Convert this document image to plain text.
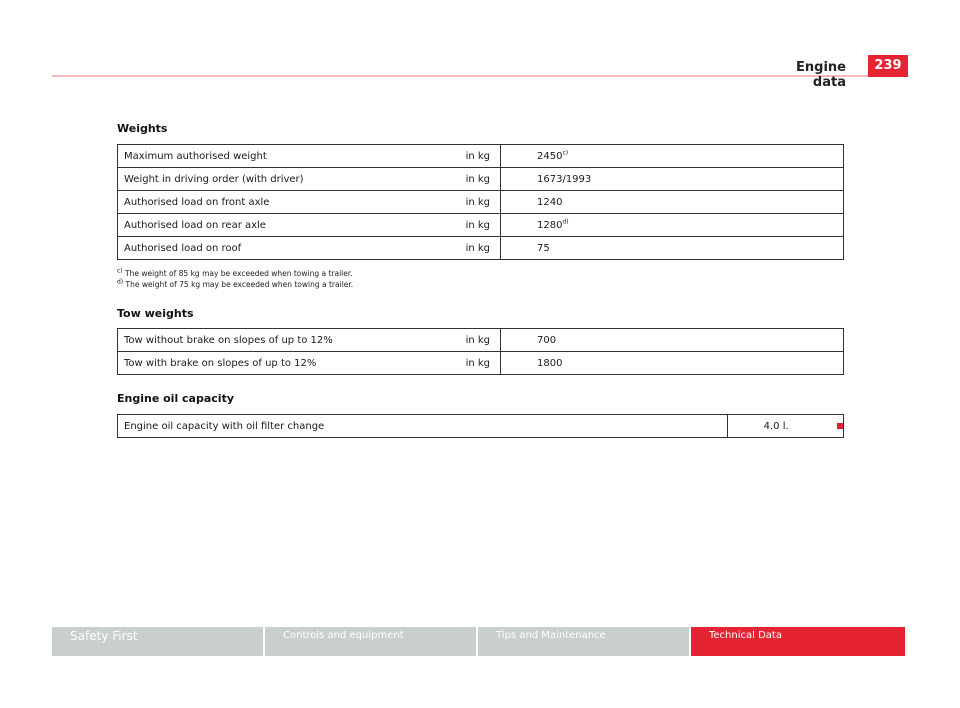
Engine data
239
Weights
Maximum authorised weight	in kg	2450$^{c)}$
Weight in driving order (with driver)	in kg	1673/1993
Authorised load on front axle	in kg	1240
Authorised load on rear axle	in kg	1280$^{d)}$
Authorised load on roof	in kg	75
$^{c)}$ The weight of 85 kg may be exceeded when towing a trailer.
$^{d)}$ The weight of 75 kg may be exceeded when towing a trailer.
Tow weights
Tow without brake on slopes of up to 12%	in kg	700
Tow with brake on slopes of up to 12%	in kg	1800
Engine oil capacity
Engine oil capacity with oil filter change	4.0 l.
Safety First	Controls and equipment	Tips and Maintenance	Technical Data
